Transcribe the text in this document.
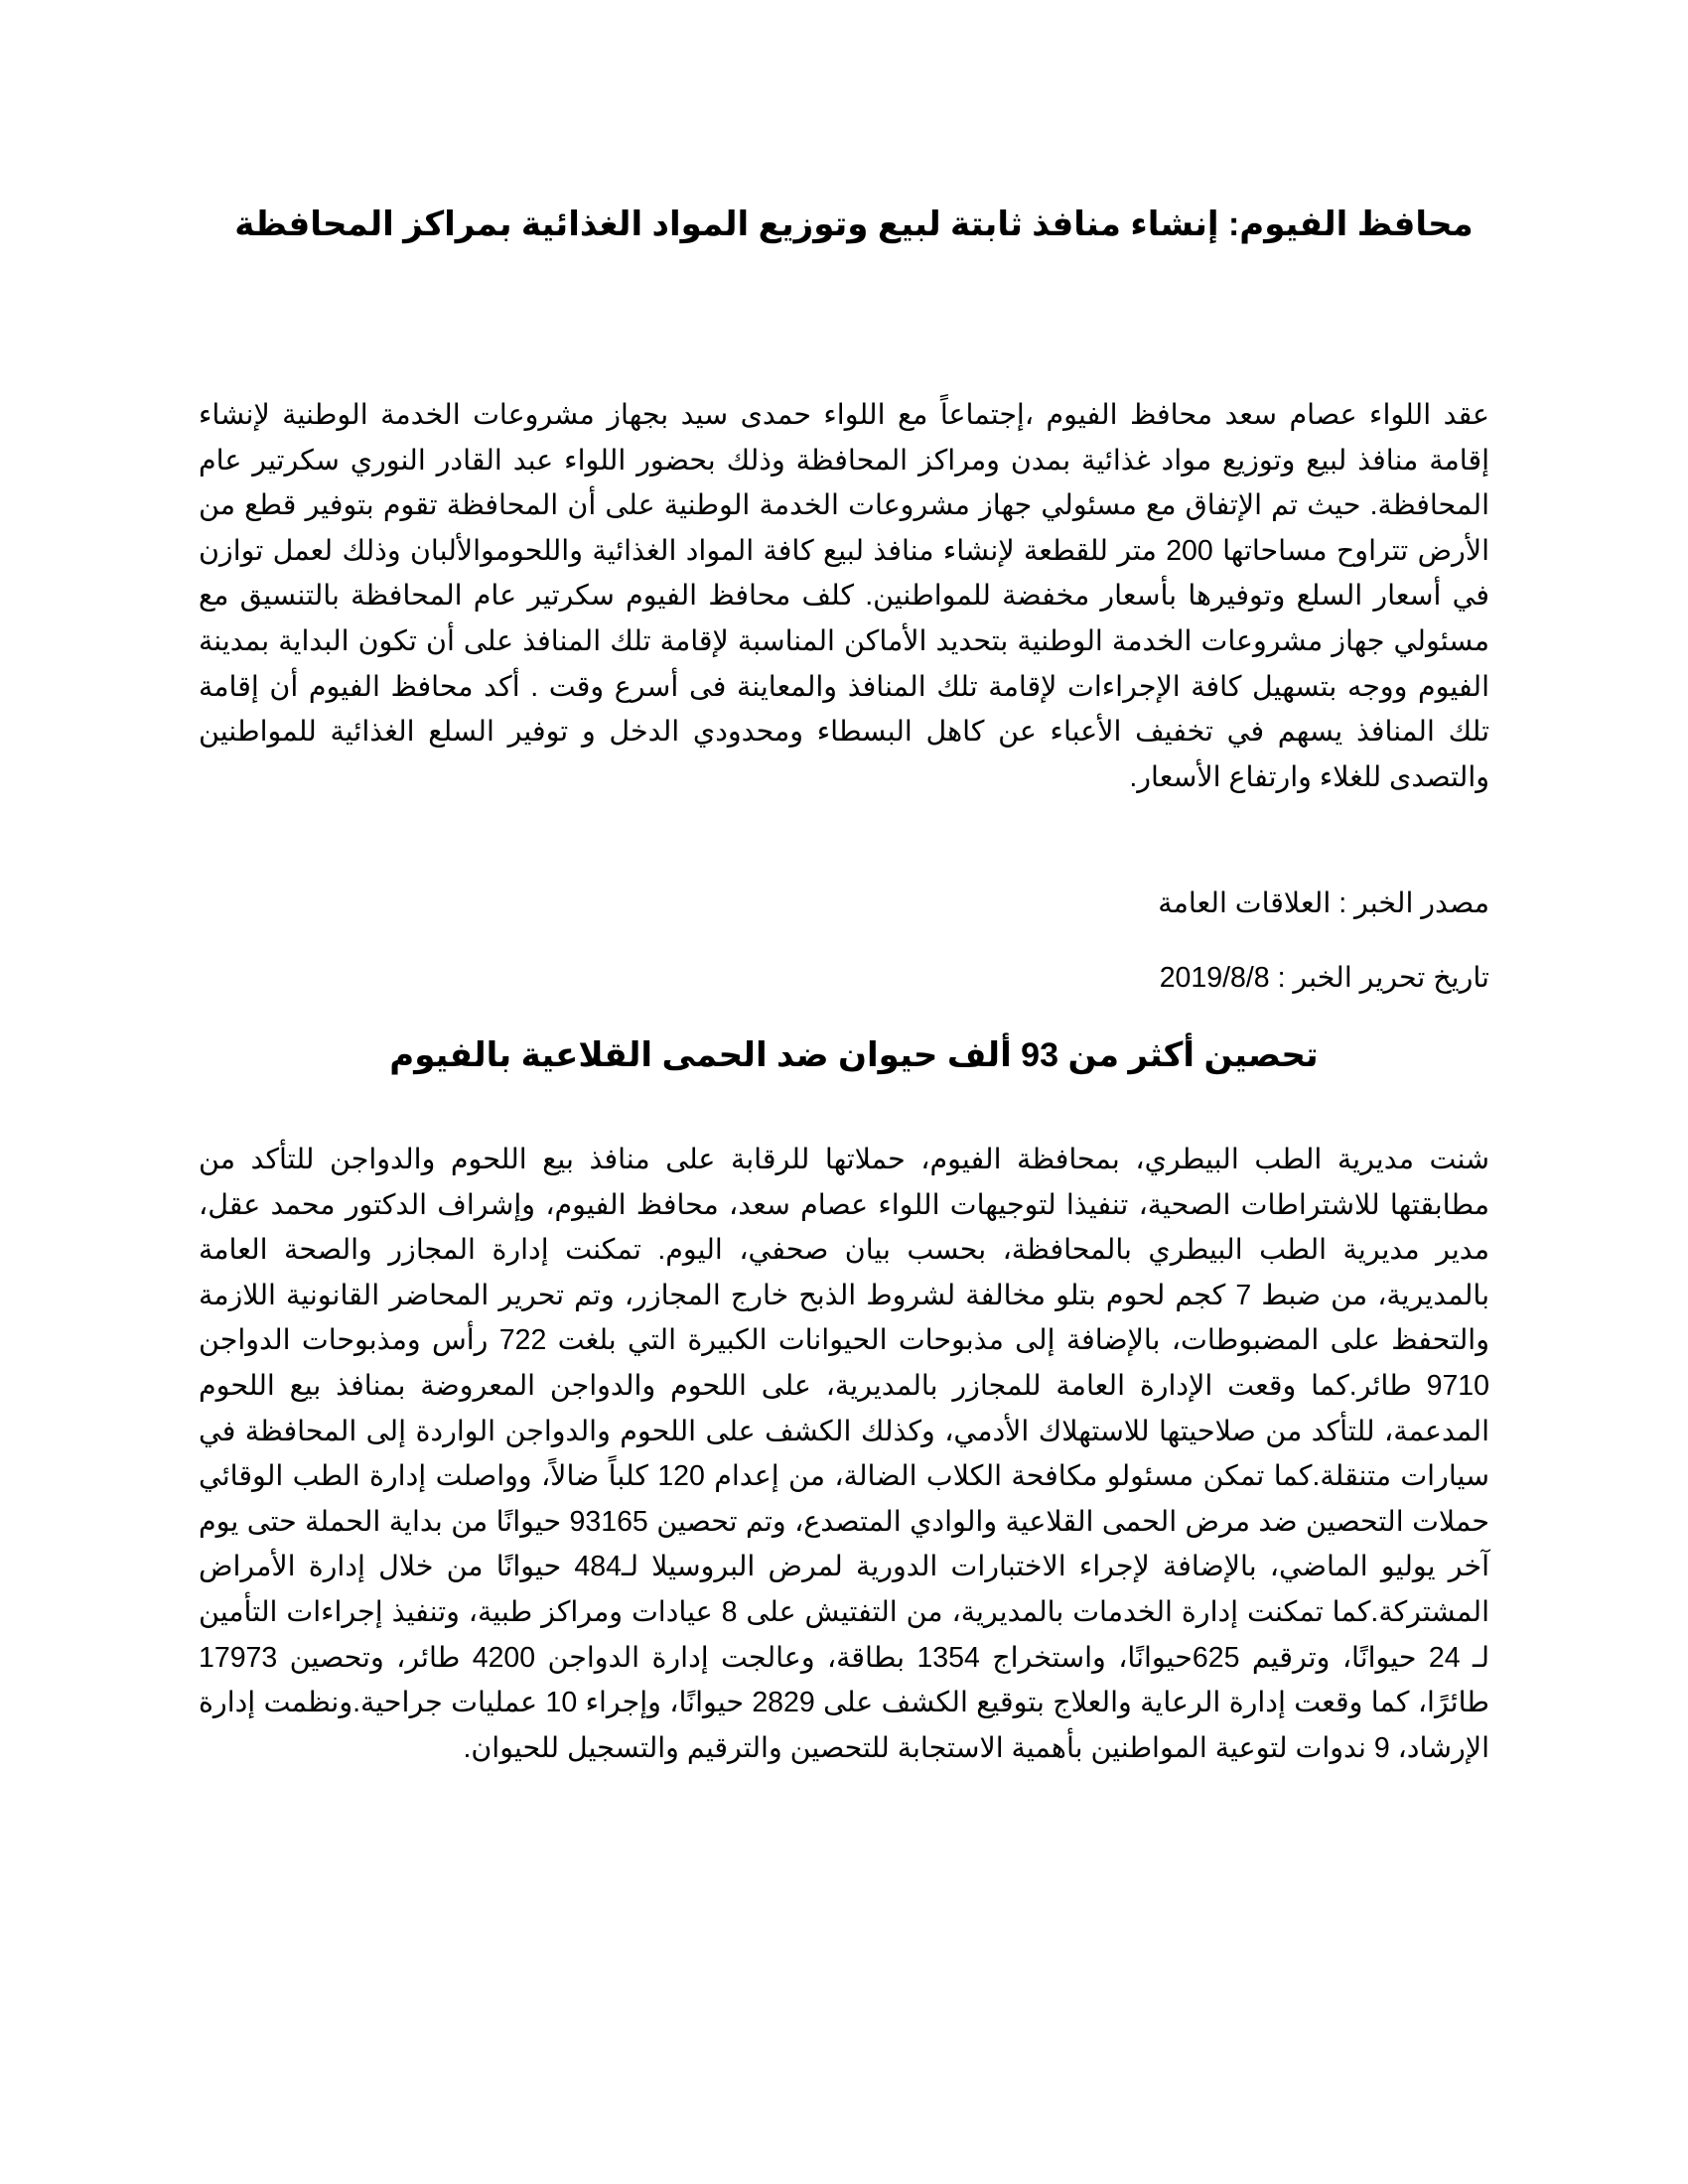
محافظ الفيوم: إنشاء منافذ ثابتة لبيع وتوزيع المواد الغذائية بمراكز المحافظة

عقد اللواء عصام سعد محافظ الفيوم ،إجتماعاً مع اللواء حمدى سيد بجهاز مشروعات الخدمة الوطنية لإنشاء إقامة منافذ لبيع وتوزيع مواد غذائية بمدن ومراكز المحافظة وذلك بحضور اللواء عبد القادر النوري سكرتير عام المحافظة. حيث تم الإتفاق مع مسئولي جهاز مشروعات الخدمة الوطنية على أن المحافظة تقوم بتوفير قطع من الأرض تتراوح مساحاتها 200 متر للقطعة لإنشاء منافذ لبيع كافة المواد الغذائية واللحوموالألبان وذلك لعمل توازن في أسعار السلع وتوفيرها بأسعار مخفضة للمواطنين. كلف محافظ الفيوم سكرتير عام المحافظة بالتنسيق مع مسئولي جهاز مشروعات الخدمة الوطنية بتحديد الأماكن المناسبة لإقامة تلك المنافذ على أن تكون البداية بمدينة الفيوم ووجه بتسهيل كافة الإجراءات لإقامة تلك المنافذ والمعاينة فى أسرع وقت . أكد محافظ الفيوم أن إقامة تلك المنافذ يسهم في تخفيف الأعباء عن كاهل البسطاء ومحدودي الدخل و توفير السلع الغذائية للمواطنين والتصدى للغلاء وارتفاع الأسعار.

مصدر الخبر : العلاقات العامة

تاريخ تحرير الخبر : 2019/8/8

تحصين أكثر من 93 ألف حيوان ضد الحمى القلاعية بالفيوم

شنت مديرية الطب البيطري، بمحافظة الفيوم، حملاتها للرقابة على منافذ بيع اللحوم والدواجن للتأكد من مطابقتها للاشتراطات الصحية، تنفيذا لتوجيهات اللواء عصام سعد، محافظ الفيوم، وإشراف الدكتور محمد عقل، مدير مديرية الطب البيطري بالمحافظة، بحسب بيان صحفي، اليوم. تمكنت إدارة المجازر والصحة العامة بالمديرية، من ضبط 7 كجم لحوم بتلو مخالفة لشروط الذبح خارج المجازر، وتم تحرير المحاضر القانونية اللازمة والتحفظ على المضبوطات، بالإضافة إلى مذبوحات الحيوانات الكبيرة التي بلغت 722 رأس ومذبوحات الدواجن 9710 طائر.كما وقعت الإدارة العامة للمجازر بالمديرية، على اللحوم والدواجن المعروضة بمنافذ بيع اللحوم المدعمة، للتأكد من صلاحيتها للاستهلاك الأدمي، وكذلك الكشف على اللحوم والدواجن الواردة إلى المحافظة في سيارات متنقلة.كما تمكن مسئولو مكافحة الكلاب الضالة، من إعدام 120 كلباً ضالاً، وواصلت إدارة الطب الوقائي حملات التحصين ضد مرض الحمى القلاعية والوادي المتصدع، وتم تحصين 93165 حيوانًا من بداية الحملة حتى يوم آخر يوليو الماضي، بالإضافة لإجراء الاختبارات الدورية لمرض البروسيلا لـ484 حيوانًا من خلال إدارة الأمراض المشتركة.كما تمكنت إدارة الخدمات بالمديرية، من التفتيش على 8 عيادات ومراكز طبية، وتنفيذ إجراءات التأمين لـ 24 حيوانًا، وترقيم 625حيوانًا، واستخراج 1354 بطاقة، وعالجت إدارة الدواجن 4200 طائر، وتحصين 17973 طائرًا، كما وقعت إدارة الرعاية والعلاج بتوقيع الكشف على 2829 حيوانًا، وإجراء 10 عمليات جراحية.ونظمت إدارة الإرشاد، 9 ندوات لتوعية المواطنين بأهمية الاستجابة للتحصين والترقيم والتسجيل للحيوان.
